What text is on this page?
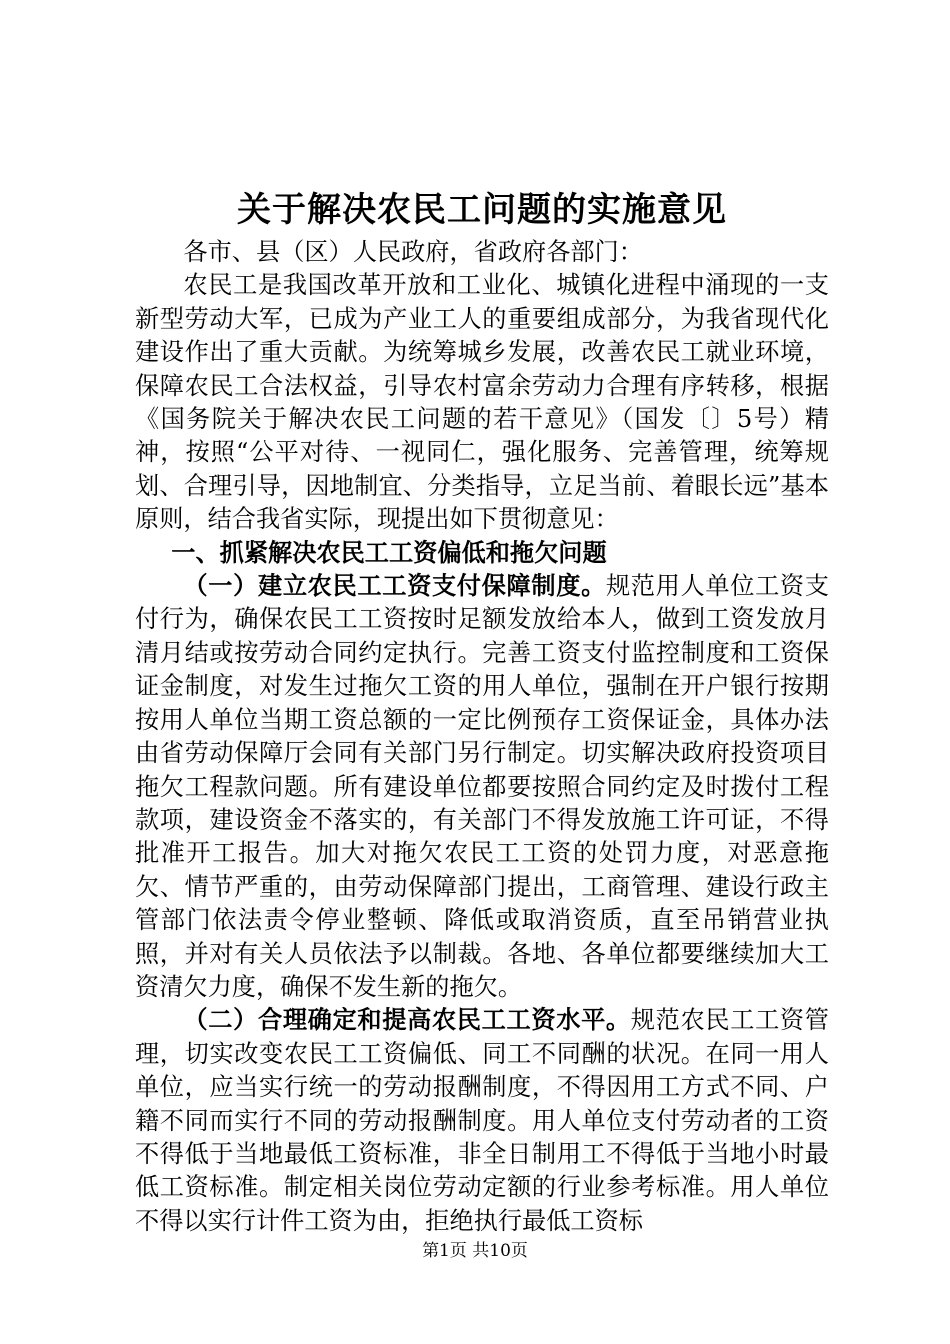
关于解决农民工问题的实施意见

各市、县（区）人民政府，省政府各部门：

农民工是我国改革开放和工业化、城镇化进程中涌现的一支新型劳动大军，已成为产业工人的重要组成部分，为我省现代化建设作出了重大贡献。为统筹城乡发展，改善农民工就业环境，保障农民工合法权益，引导农村富余劳动力合理有序转移，根据《国务院关于解决农民工问题的若干意见》（国发〔〕5号）精神，按照“公平对待、一视同仁，强化服务、完善管理，统筹规划、合理引导，因地制宜、分类指导，立足当前、着眼长远”基本原则，结合我省实际，现提出如下贯彻意见：

一、抓紧解决农民工工资偏低和拖欠问题

（一）建立农民工工资支付保障制度。规范用人单位工资支付行为，确保农民工工资按时足额发放给本人，做到工资发放月清月结或按劳动合同约定执行。完善工资支付监控制度和工资保证金制度，对发生过拖欠工资的用人单位，强制在开户银行按期按用人单位当期工资总额的一定比例预存工资保证金，具体办法由省劳动保障厅会同有关部门另行制定。切实解决政府投资项目拖欠工程款问题。所有建设单位都要按照合同约定及时拨付工程款项，建设资金不落实的，有关部门不得发放施工许可证，不得批准开工报告。加大对拖欠农民工工资的处罚力度，对恶意拖欠、情节严重的，由劳动保障部门提出，工商管理、建设行政主管部门依法责令停业整顿、降低或取消资质，直至吊销营业执照，并对有关人员依法予以制裁。各地、各单位都要继续加大工资清欠力度，确保不发生新的拖欠。

（二）合理确定和提高农民工工资水平。规范农民工工资管理，切实改变农民工工资偏低、同工不同酬的状况。在同一用人单位，应当实行统一的劳动报酬制度，不得因用工方式不同、户籍不同而实行不同的劳动报酬制度。用人单位支付劳动者的工资不得低于当地最低工资标准，非全日制用工不得低于当地小时最低工资标准。制定相关岗位劳动定额的行业参考标准。用人单位不得以实行计件工资为由，拒绝执行最低工资标

第1页 共10页
